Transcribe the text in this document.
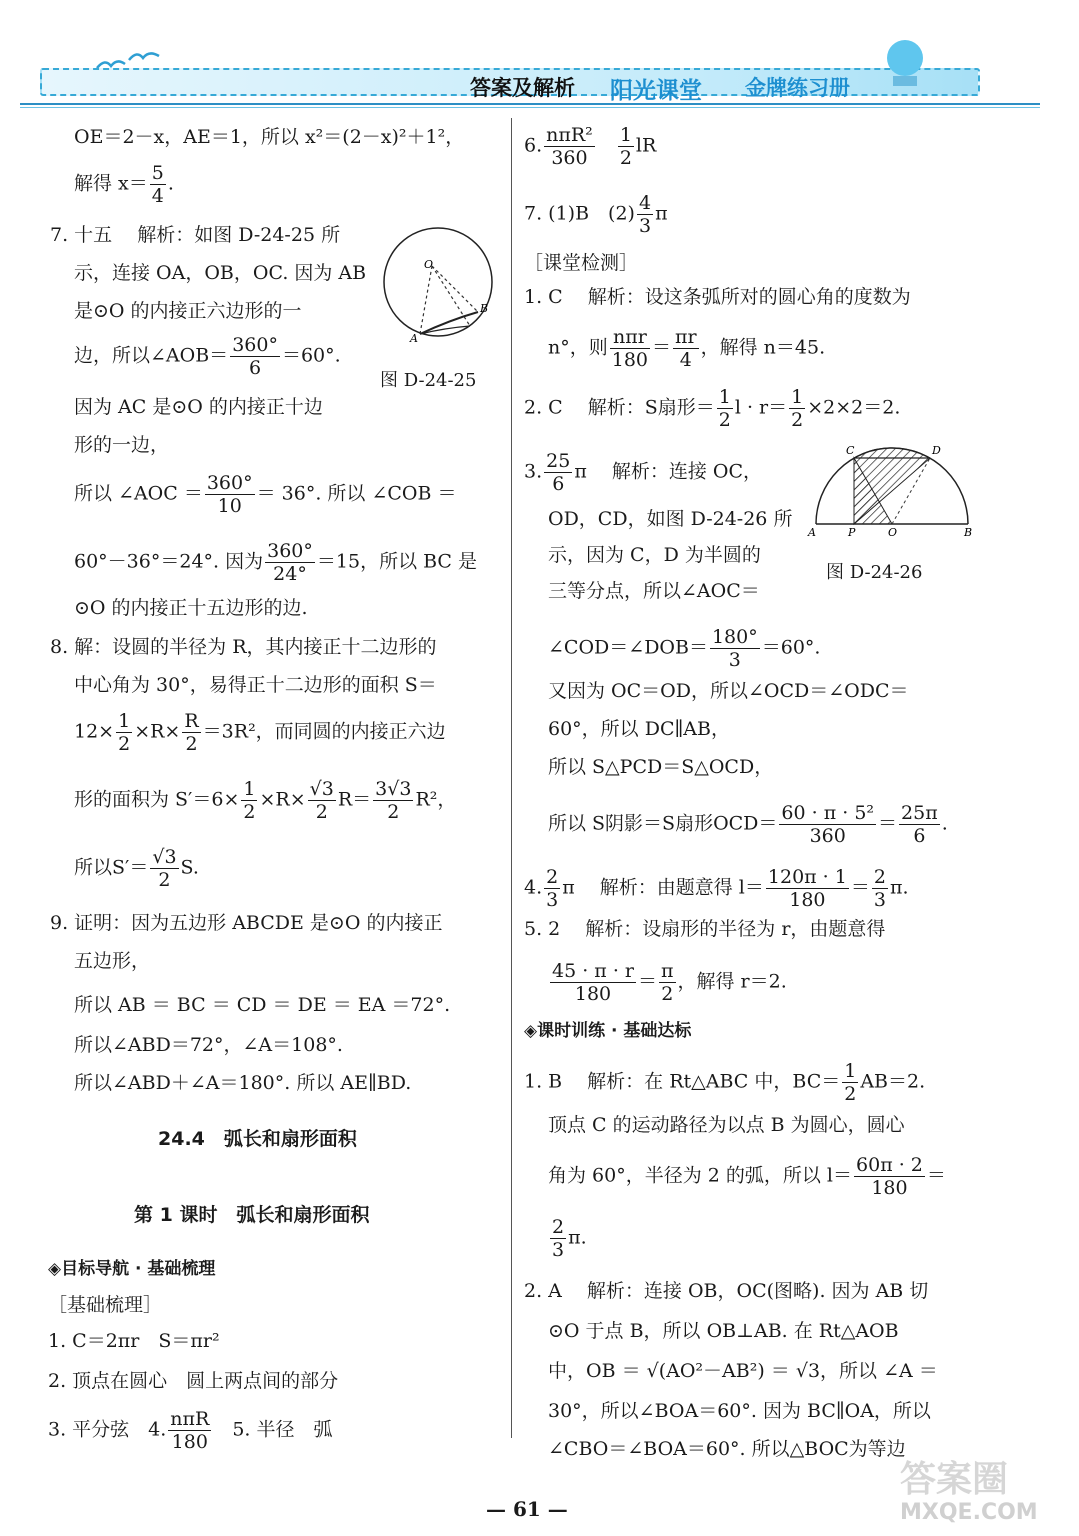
答案及解析 阳光课堂 金牌练习册
OE＝2－x，AE＝1，所以 x²＝(2－x)²＋1²，
解得 $x= \frac{5}{4}$ .
7. 十五　 解析：如图 D-24-25 所
示，连接 OA，OB，OC. 因为 AB
是⊙O 的内接正六边形的一
边，所以∠AOB＝ $\frac{360^\circ}{6} =60^\circ$.
O
B
A
图 D-24-25
因为 AC 是⊙O 的内接正十边
形的一边，
所以 ∠AOC ＝ $\frac{360^\circ}{10} = 36^\circ$. 所以 ∠COB ＝
60°－36°＝24°. 因为 $\frac{360^\circ}{24^\circ} =15$，所以 BC 是
⊙O 的内接正十五边形的边.
8. 解：设圆的半径为 R，其内接正十二边形的
中心角为 30°，易得正十二边形的面积 S＝
$12\times \frac{1}{2} \times R\times \frac{R}{2} =3R^2$，而同圆的内接正六边
形的面积为 $S'=6\times \frac{1}{2} \times R\times \frac{√3}{2} R= \frac{3√3}{2} R^2$，
所以$S'= \frac{√3}{2} S$.
9. 证明：因为五边形 ABCDE 是⊙O 的内接正
五边形，
所以 AB ＝ BC ＝ CD ＝ DE ＝ EA ＝72°.
所以∠ABD＝72°，∠A＝108°.
所以∠ABD＋∠A＝180°. 所以 AE∥BD.
24.4　弧长和扇形面积
第 1 课时　弧长和扇形面积
◈目标导航 · 基础梳理
［基础梳理］
1. C＝2πr　S＝πr²
2. 顶点在圆心　圆上两点间的部分
3. 平分弦　4. $\frac{\text{nπR}}{180}$
　 5. 半径　弧
6. $\frac{\text{nπR²}}{360}$
　 $\frac{1}{2}$ lR
7. (1)B　$(2) \frac{4}{3}$ π
［课堂检测］
1. C　 解析：设这条弧所对的圆心角的度数为
n°，则 $\frac{\text{nπr}}{180} = \frac{\pi r}{4}$ ，解得 n＝45.
2. C　 解析：S扇形＝ $\frac{1}{2}$ $l \cdot r= \frac{1}{2} \times 2\times 2=2$.
3. $\frac{25}{6}$ π　 解析：连接 OC，
OD，CD，如图 D-24-26 所
示，因为 C，D 为半圆的
三等分点，所以∠AOC＝
C	D
A	P	O	B
图 D-24-26
∠COD＝∠DOB＝ $\frac{180^\circ}{3} =60^\circ$.
又因为 OC＝OD，所以∠OCD＝∠ODC＝
60°，所以 DC∥AB，
所以 S△PCD＝S△OCD，
所以 S阴影＝S扇形$OCD= \frac{\text{60 · π · 5²}}{360} = \frac{25\pi}{6}$ .
4. $\frac{2}{3}$ π　 解析：由题意得 $l= \frac{120\pi \cdot 1}{180} = \frac{2}{3} \pi$.
5. 2　 解析：设扇形的半径为 r，由题意得
$\frac{45 \cdot \pi \cdot r}{180} = \frac{\pi}{2}$ ，解得 r＝2.
◈课时训练 · 基础达标
1. B　 解析：在 Rt△ABC 中，$BC= \frac{1}{2} AB=2$.
顶点 C 的运动路径为以点 B 为圆心，圆心
角为 60°，半径为 2 的弧，所以 $l= \frac{60\pi \cdot 2}{180}$ ＝
$\frac{2}{3} \pi$.
2. A　 解析：连接 OB，OC(图略). 因为 AB 切
⊙O 于点 B，所以 OB⊥AB. 在 Rt△AOB
中，OB ＝ √(AO²－AB²) ＝ √3，所以 ∠A ＝
30°，所以∠BOA＝60°. 因为 BC∥OA，所以
∠CBO＝∠BOA＝60°. 所以△BOC为等边
— 61 —
答案圈
MXQE.COM
